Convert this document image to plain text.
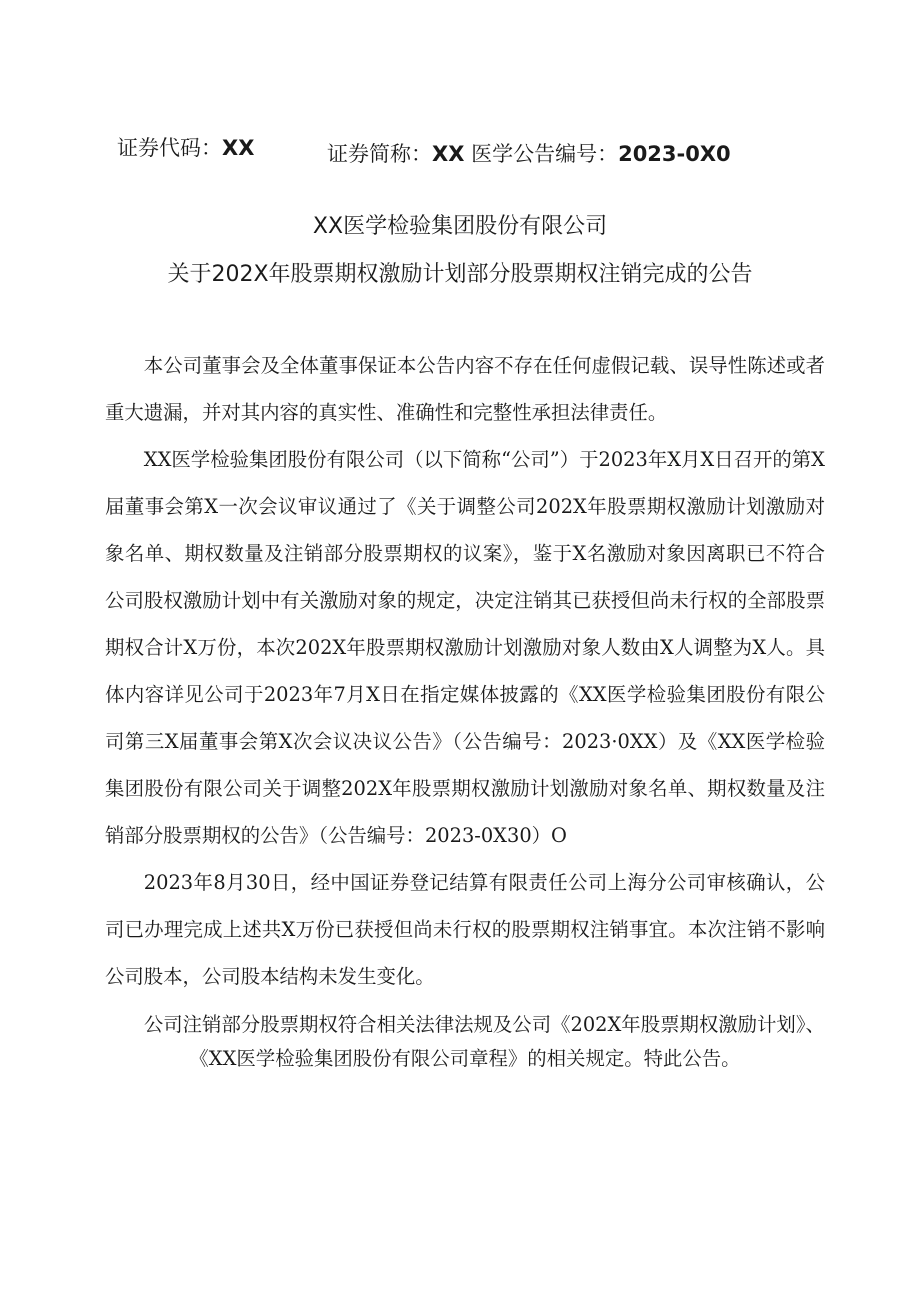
证券代码：XX	证券简称：XX 医学公告编号：2023-0X0
XX医学检验集团股份有限公司
关于202X年股票期权激励计划部分股票期权注销完成的公告

本公司董事会及全体董事保证本公告内容不存在任何虚假记载、误导性陈述或者重大遗漏，并对其内容的真实性、准确性和完整性承担法律责任。

XX医学检验集团股份有限公司（以下简称“公司”）于2023年X月X日召开的第X届董事会第X一次会议审议通过了《关于调整公司202X年股票期权激励计划激励对象名单、期权数量及注销部分股票期权的议案》，鉴于X名激励对象因离职已不符合公司股权激励计划中有关激励对象的规定，决定注销其已获授但尚未行权的全部股票期权合计X万份，本次202X年股票期权激励计划激励对象人数由X人调整为X人。具体内容详见公司于2023年7月X日在指定媒体披露的《XX医学检验集团股份有限公司第三X届董事会第X次会议决议公告》（公告编号：2023·0XX）及《XX医学检验集团股份有限公司关于调整202X年股票期权激励计划激励对象名单、期权数量及注销部分股票期权的公告》（公告编号：2023-0X30）O

2023年8月30日，经中国证券登记结算有限责任公司上海分公司审核确认，公司已办理完成上述共X万份已获授但尚未行权的股票期权注销事宜。本次注销不影响公司股本，公司股本结构未发生变化。

公司注销部分股票期权符合相关法律法规及公司《202X年股票期权激励计划》、《XX医学检验集团股份有限公司章程》的相关规定。特此公告。
